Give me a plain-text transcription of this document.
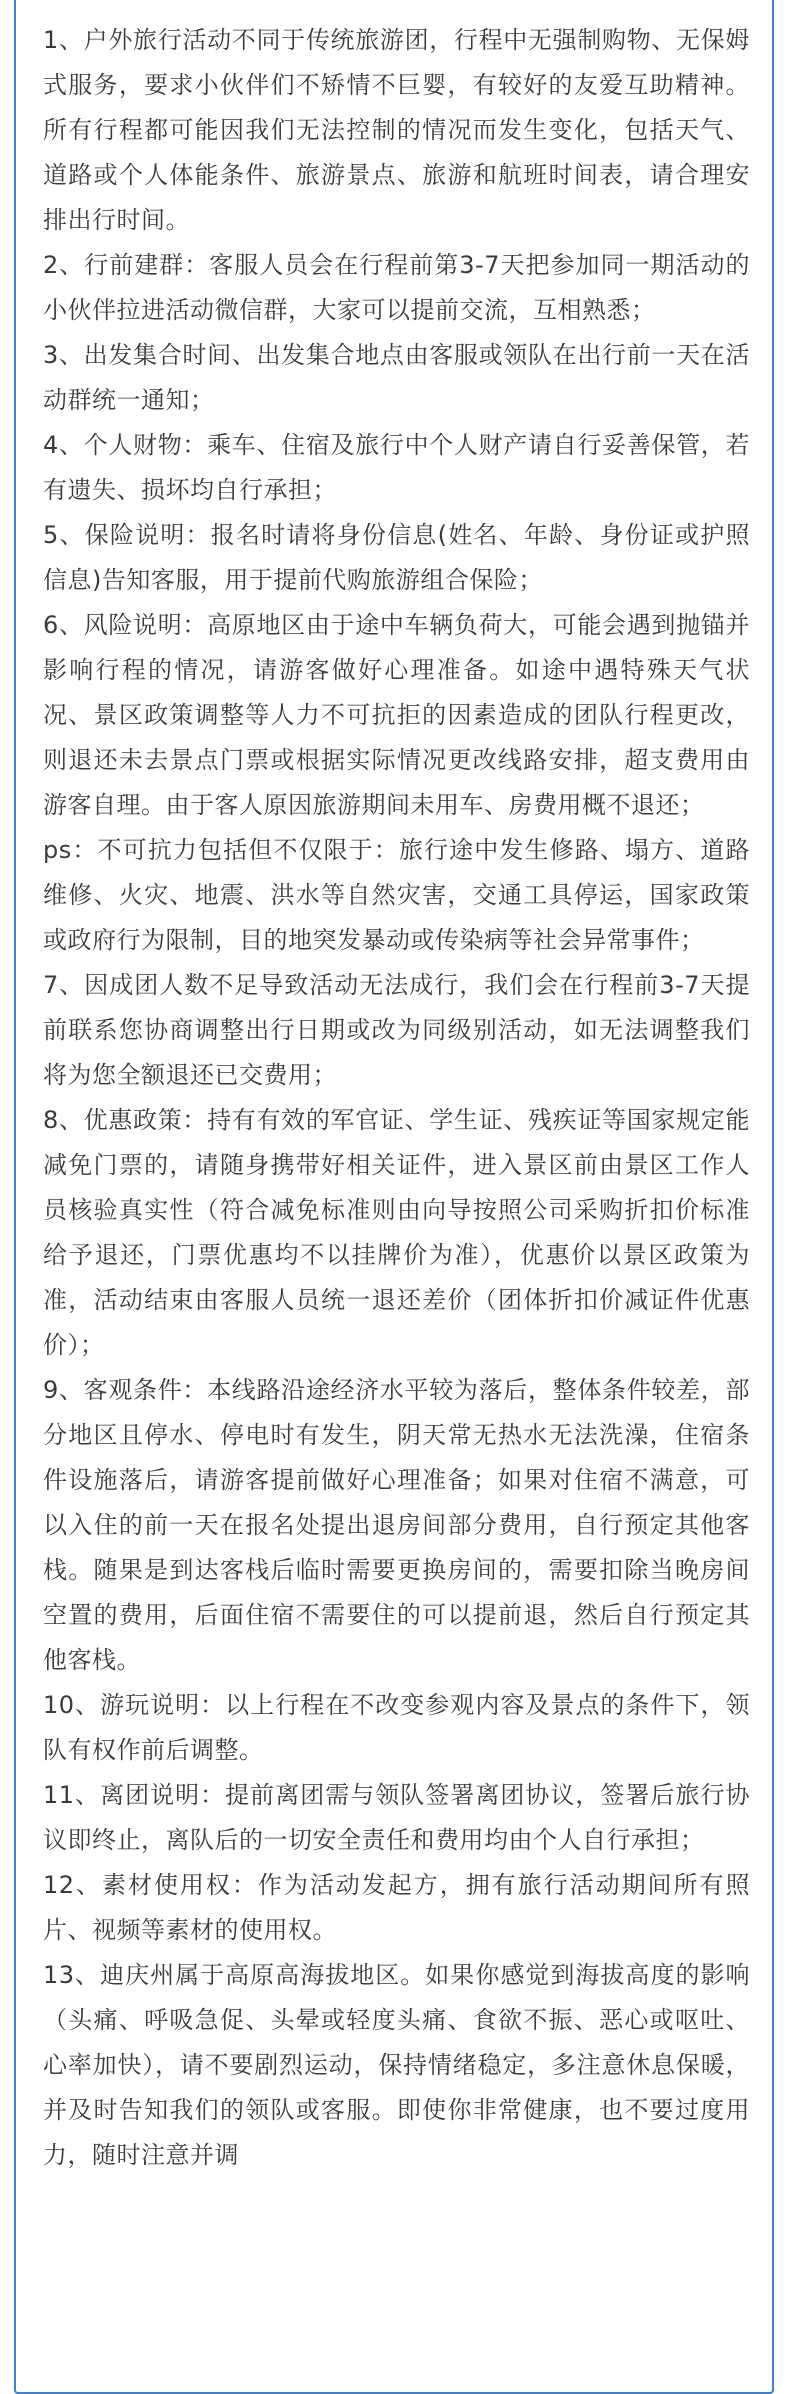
1、户外旅行活动不同于传统旅游团，行程中无强制购物、无保姆式服务，要求小伙伴们不矫情不巨婴，有较好的友爱互助精神。所有行程都可能因我们无法控制的情况而发生变化，包括天气、道路或个人体能条件、旅游景点、旅游和航班时间表，请合理安排出行时间。

2、行前建群：客服人员会在行程前第3-7天把参加同一期活动的小伙伴拉进活动微信群，大家可以提前交流，互相熟悉；

3、出发集合时间、出发集合地点由客服或领队在出行前一天在活动群统一通知；

4、个人财物：乘车、住宿及旅行中个人财产请自行妥善保管，若有遗失、损坏均自行承担；

5、保险说明：报名时请将身份信息(姓名、年龄、身份证或护照信息)告知客服，用于提前代购旅游组合保险；

6、风险说明：高原地区由于途中车辆负荷大，可能会遇到抛锚并影响行程的情况，请游客做好心理准备。如途中遇特殊天气状况、景区政策调整等人力不可抗拒的因素造成的团队行程更改，则退还未去景点门票或根据实际情况更改线路安排，超支费用由游客自理。由于客人原因旅游期间未用车、房费用概不退还；

ps：不可抗力包括但不仅限于：旅行途中发生修路、塌方、道路维修、火灾、地震、洪水等自然灾害，交通工具停运，国家政策或政府行为限制，目的地突发暴动或传染病等社会异常事件；

7、因成团人数不足导致活动无法成行，我们会在行程前3-7天提前联系您协商调整出行日期或改为同级别活动，如无法调整我们将为您全额退还已交费用；

8、优惠政策：持有有效的军官证、学生证、残疾证等国家规定能减免门票的，请随身携带好相关证件，进入景区前由景区工作人员核验真实性（符合减免标准则由向导按照公司采购折扣价标准给予退还，门票优惠均不以挂牌价为准），优惠价以景区政策为准，活动结束由客服人员统一退还差价（团体折扣价减证件优惠价）；

9、客观条件：本线路沿途经济水平较为落后，整体条件较差，部分地区且停水、停电时有发生，阴天常无热水无法洗澡，住宿条件设施落后，请游客提前做好心理准备；如果对住宿不满意，可以入住的前一天在报名处提出退房间部分费用，自行预定其他客栈。随果是到达客栈后临时需要更换房间的，需要扣除当晚房间空置的费用，后面住宿不需要住的可以提前退，然后自行预定其他客栈。

10、游玩说明：以上行程在不改变参观内容及景点的条件下，领队有权作前后调整。

11、离团说明：提前离团需与领队签署离团协议，签署后旅行协议即终止，离队后的一切安全责任和费用均由个人自行承担；

12、素材使用权：作为活动发起方，拥有旅行活动期间所有照片、视频等素材的使用权。

13、迪庆州属于高原高海拔地区。如果你感觉到海拔高度的影响（头痛、呼吸急促、头晕或轻度头痛、食欲不振、恶心或呕吐、心率加快），请不要剧烈运动，保持情绪稳定，多注意休息保暖，并及时告知我们的领队或客服。即使你非常健康，也不要过度用力，随时注意并调
